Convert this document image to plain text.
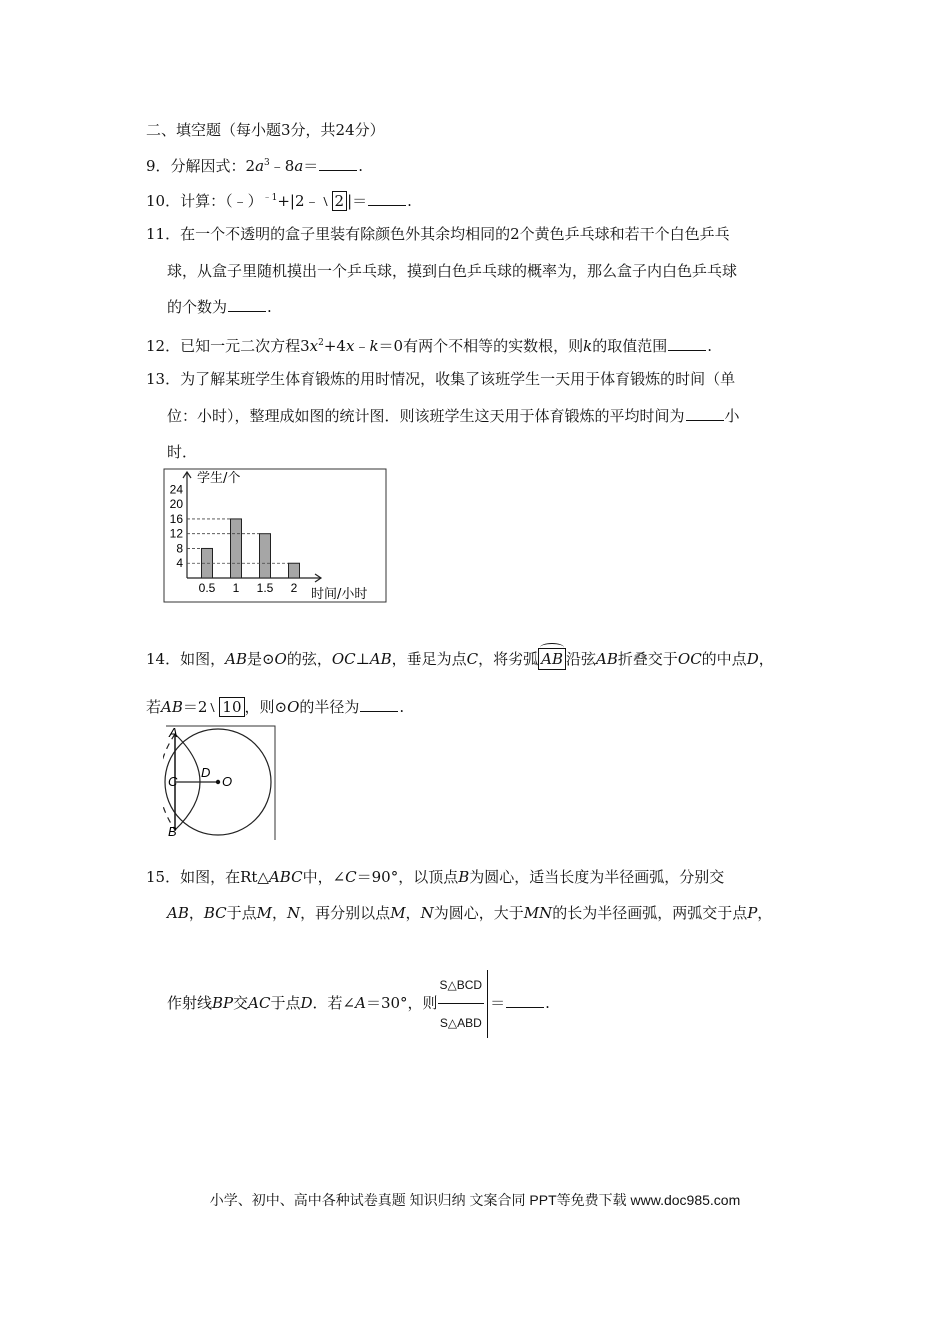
二、填空题（每小题3分，共24分）
9．分解因式：$2a^3﹣8a=$	.
10．计算：（﹣）$^{﹣1}$+|2﹣ 2 |＝	.
11．在一个不透明的盒子里装有除颜色外其余均相同的2个黄色乒乓球和若干个白色乒乓
球，从盒子里随机摸出一个乒乓球，摸到白色乒乓球的概率为，那么盒子内白色乒乓球
的个数为	.
12．已知一元二次方程$3x^2+4x﹣k=0$有两个不相等的实数根，则k的取值范围	.
13．为了解某班学生体育锻炼的用时情况，收集了该班学生一天用于体育锻炼的时间（单
位：小时），整理成如图的统计图．则该班学生这天用于体育锻炼的平均时间为	小
时．
4
8
12
16
20
24
0.5 1 1.5 2
学生/个
时间/小时
14．如图，AB是⊙O的弦，OC⊥AB，垂足为点C，将劣弧 AB 沿弦AB折叠交于OC的中点D，
若AB＝2 10 ，则⊙O的半径为	.
A
C
D
O
B
15．如图，在Rt△ABC中，∠C＝90°，以顶点B为圆心，适当长度为半径画弧，分别交
AB，BC于点M，N，再分别以点M，N为圆心，大于MN的长为半径画弧，两弧交于点P，
作射线BP交AC于点D．若∠A＝30°，则 $\frac{\text{S△BCD}}{\text{S△ABD}}$ ＝	.
小学、初中、高中各种试卷真题 知识归纳 文案合同 PPT等免费下载 www.doc985.com
